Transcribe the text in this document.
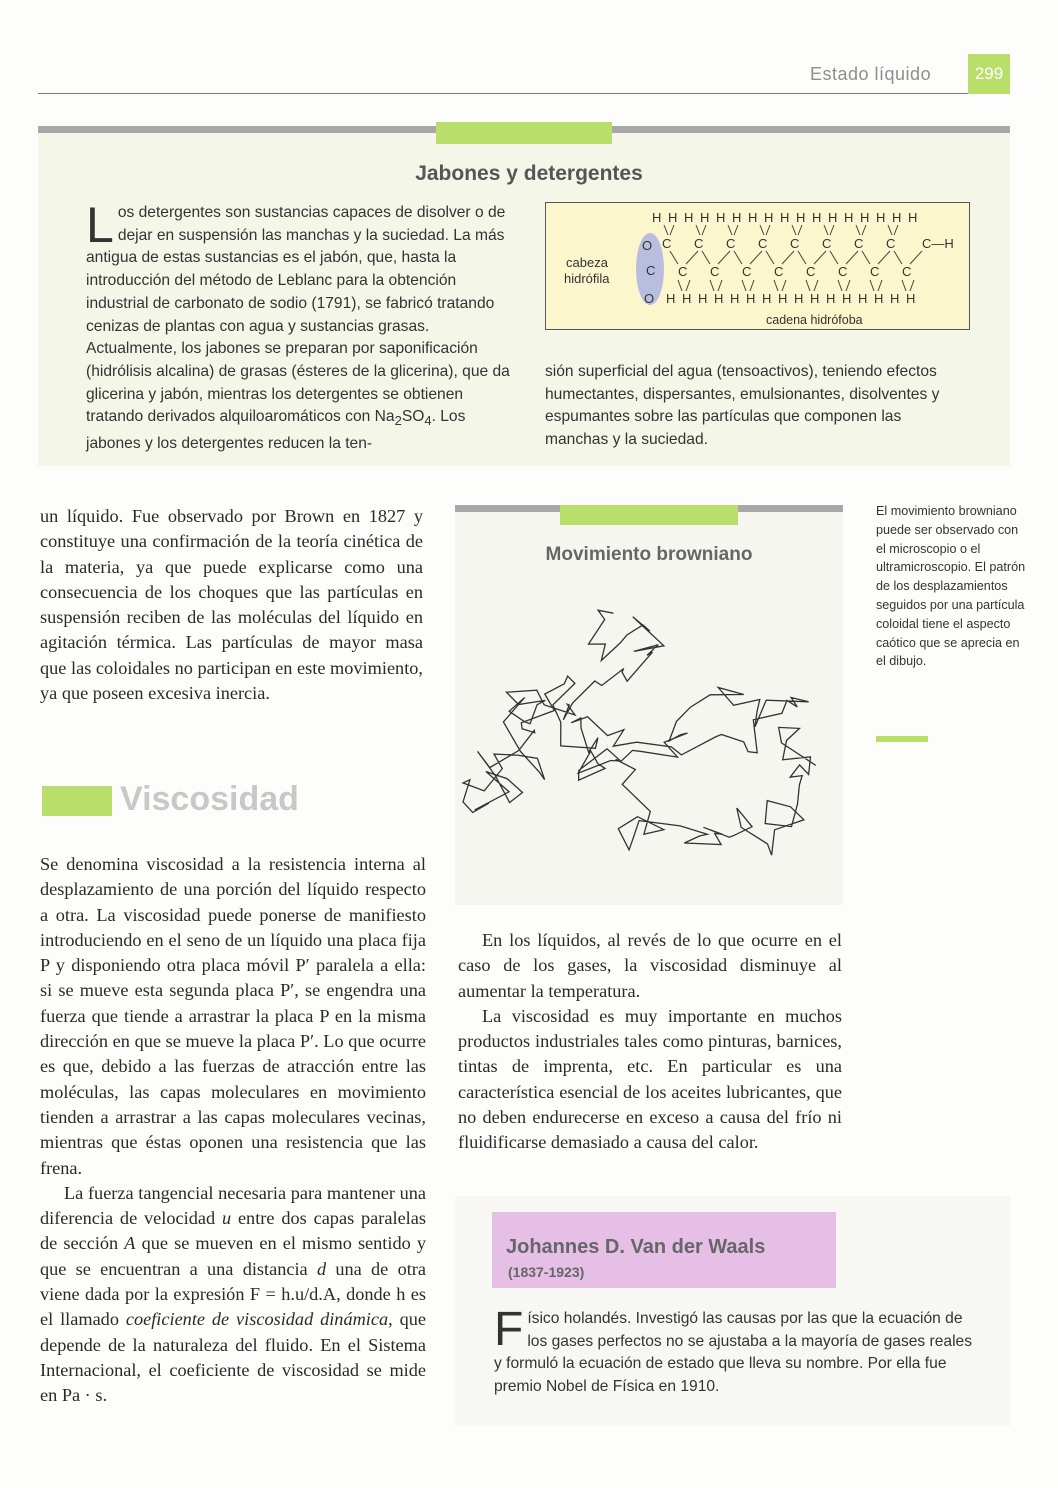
Estado líquido	299
Jabones y detergentes
Los detergentes son sustancias capaces de disolver o de dejar en suspensión las manchas y la suciedad. La más antigua de estas sustancias es el jabón, que, hasta la introducción del método de Leblanc para la obtención industrial de carbonato de sodio (1791), se fabricó tratando cenizas de plantas con agua y sustancias grasas. Actualmente, los jabones se preparan por saponificación (hidrólisis alcalina) de grasas (ésteres de la glicerina), que da glicerina y jabón, mientras los detergentes se obtienen tratando derivados alquiloaromáticos con $Na_2SO_4$. Los jabones y los detergentes reducen la ten-
sión superficial del agua (tensoactivos), teniendo efectos humectantes, dispersantes, emulsionantes, disolventes y espumantes sobre las partículas que componen las manchas y la suciedad.
cabeza
hidrófila
H H H H H H H H H H H H H H H H H
H H H H H H H H H H H H H H H H
C—H
O
C
O
cadena hidrófoba
C
C
C
C
C
C
C
C
C
C
C
C
C
C
C
C
un líquido. Fue observado por Brown en 1827 y constituye una confirmación de la teoría cinética de la materia, ya que puede explicarse como una consecuencia de los choques que las partículas en suspensión reciben de las moléculas del líquido en agitación térmica. Las partículas de mayor masa que las coloidales no participan en este movimiento, ya que poseen excesiva inercia.
Viscosidad

Se denomina viscosidad a la resistencia interna al desplazamiento de una porción del líquido respecto a otra. La viscosidad puede ponerse de manifiesto introduciendo en el seno de un líquido una placa fija P y disponiendo otra placa móvil P′ paralela a ella: si se mueve esta segunda placa P′, se engendra una fuerza que tiende a arrastrar la placa P en la misma dirección en que se mueve la placa P′. Lo que ocurre es que, debido a las fuerzas de atracción entre las moléculas, las capas moleculares en movimiento tienden a arrastrar a las capas moleculares vecinas, mientras que éstas oponen una resistencia que las frena.

La fuerza tangencial necesaria para mantener una diferencia de velocidad u entre dos capas paralelas de sección A que se mueven en el mismo sentido y que se encuentran a una distancia d una de otra viene dada por la expresión F = h.u/d.A, donde h es el llamado coeficiente de viscosidad dinámica, que depende de la naturaleza del fluido. En el Sistema Internacional, el coeficiente de viscosidad se mide en Pa · s.

Movimiento browniano
El movimiento browniano puede ser observado con el microscopio o el ultramicroscopio. El patrón de los desplazamientos seguidos por una partícula coloidal tiene el aspecto caótico que se aprecia en el dibujo.

En los líquidos, al revés de lo que ocurre en el caso de los gases, la viscosidad disminuye al aumentar la temperatura.

La viscosidad es muy importante en muchos productos industriales tales como pinturas, barnices, tintas de imprenta, etc. En particular es una característica esencial de los aceites lubricantes, que no deben endurecerse en exceso a causa del frío ni fluidificarse demasiado a causa del calor.

Johannes D. Van der Waals
(1837-1923)
Físico holandés. Investigó las causas por las que la ecuación de los gases perfectos no se ajustaba a la mayoría de gases reales y formuló la ecuación de estado que lleva su nombre. Por ella fue premio Nobel de Física en 1910.
